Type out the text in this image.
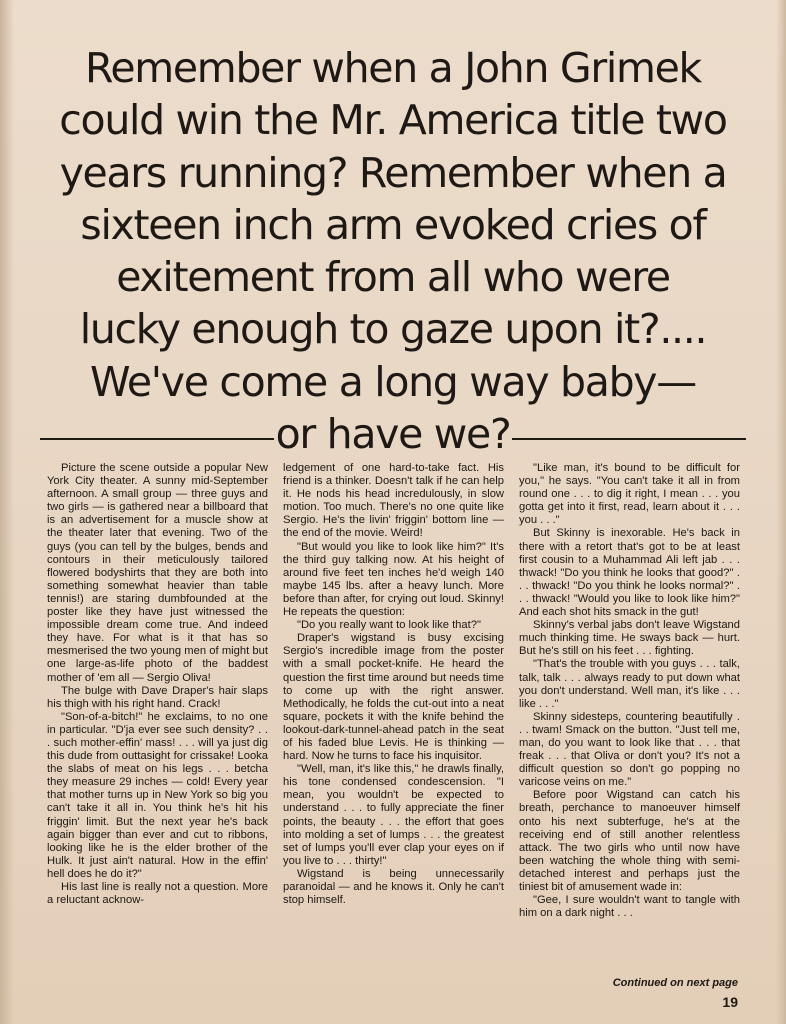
Remember when a John Grimek
could win the Mr. America title two
years running? Remember when a
sixteen inch arm evoked cries of
exitement from all who were
lucky enough to gaze upon it?....
We've come a long way baby—
or have we?

Picture the scene outside a popular New York City theater. A sunny mid-September afternoon. A small group — three guys and two girls — is gathered near a billboard that is an advertisement for a muscle show at the theater later that evening. Two of the guys (you can tell by the bulges, bends and contours in their meticulously tailored flowered bodyshirts that they are both into something somewhat heavier than table tennis!) are staring dumbfounded at the poster like they have just witnessed the impossible dream come true. And indeed they have. For what is it that has so mesmerised the two young men of might but one large-as-life photo of the baddest mother of 'em all — Sergio Oliva!

The bulge with Dave Draper's hair slaps his thigh with his right hand. Crack!

"Son-of-a-bitch!" he exclaims, to no one in particular. "D'ja ever see such density? . . . such mother-effin' mass! . . . will ya just dig this dude from outtasight for crissake! Looka the slabs of meat on his legs . . . betcha they measure 29 inches — cold! Every year that mother turns up in New York so big you can't take it all in. You think he's hit his friggin' limit. But the next year he's back again bigger than ever and cut to ribbons, looking like he is the elder brother of the Hulk. It just ain't natural. How in the effin' hell does he do it?"

His last line is really not a question. More a reluctant acknow-

ledgement of one hard-to-take fact. His friend is a thinker. Doesn't talk if he can help it. He nods his head incredulously, in slow motion. Too much. There's no one quite like Sergio. He's the livin' friggin' bottom line — the end of the movie. Weird!

"But would you like to look like him?" It's the third guy talking now. At his height of around five feet ten inches he'd weigh 140 maybe 145 lbs. after a heavy lunch. More before than after, for crying out loud. Skinny! He repeats the question:

"Do you really want to look like that?"

Draper's wigstand is busy excising Sergio's incredible image from the poster with a small pocket-knife. He heard the question the first time around but needs time to come up with the right answer. Methodically, he folds the cut-out into a neat square, pockets it with the knife behind the lookout-dark-tunnel-ahead patch in the seat of his faded blue Levis. He is thinking — hard. Now he turns to face his inquisitor.

"Well, man, it's like this," he drawls finally, his tone condensed condescension. "I mean, you wouldn't be expected to understand . . . to fully appreciate the finer points, the beauty . . . the effort that goes into molding a set of lumps . . . the greatest set of lumps you'll ever clap your eyes on if you live to . . . thirty!"

Wigstand is being unnecessarily paranoidal — and he knows it. Only he can't stop himself.

"Like man, it's bound to be difficult for you," he says. "You can't take it all in from round one . . . to dig it right, I mean . . . you gotta get into it first, read, learn about it . . . you . . ."

But Skinny is inexorable. He's back in there with a retort that's got to be at least first cousin to a Muhammad Ali left jab . . . thwack! "Do you think he looks that good?" . . . thwack! "Do you think he looks normal?" . . . thwack! "Would you like to look like him?" And each shot hits smack in the gut!

Skinny's verbal jabs don't leave Wigstand much thinking time. He sways back — hurt. But he's still on his feet . . . fighting.

"That's the trouble with you guys . . . talk, talk, talk . . . always ready to put down what you don't understand. Well man, it's like . . . like . . ."

Skinny sidesteps, countering beautifully . . . twam! Smack on the button. "Just tell me, man, do you want to look like that . . . that freak . . . that Oliva or don't you? It's not a difficult question so don't go popping no varicose veins on me."

Before poor Wigstand can catch his breath, perchance to manoeuver himself onto his next subterfuge, he's at the receiving end of still another relentless attack. The two girls who until now have been watching the whole thing with semi-detached interest and perhaps just the tiniest bit of amusement wade in:

"Gee, I sure wouldn't want to tangle with him on a dark night . . .

Continued on next page
19
